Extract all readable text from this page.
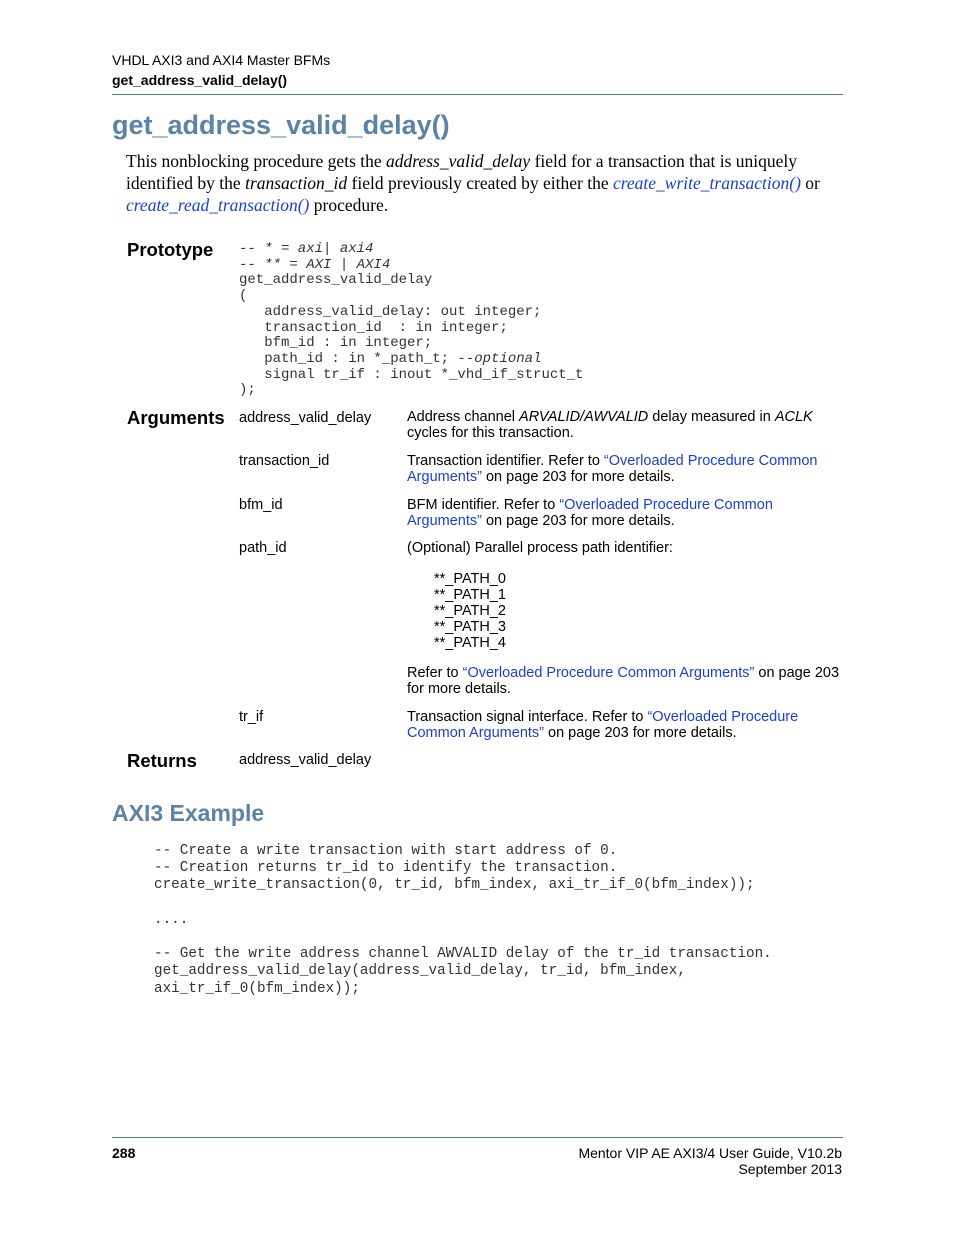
VHDL AXI3 and AXI4 Master BFMs
get_address_valid_delay()
get_address_valid_delay()
This nonblocking procedure gets the address_valid_delay field for a transaction that is uniquely identified by the transaction_id field previously created by either the create_write_transaction() or create_read_transaction() procedure.
Prototype -- * = axi| axi4
-- ** = AXI | AXI4
get_address_valid_delay
(
address_valid_delay: out integer;
transaction_id  : in integer;
bfm_id : in integer;
path_id : in *_path_t; --optional
signal tr_if : inout *_vhd_if_struct_t
);
Arguments address_valid_delay Address channel ARVALID/AWVALID delay measured in ACLK cycles for this transaction.
transaction_id	Transaction identifier. Refer to “Overloaded Procedure Common Arguments” on page 203 for more details.
bfm_id	BFM identifier. Refer to “Overloaded Procedure Common Arguments” on page 203 for more details.
path_id	(Optional) Parallel process path identifier:
**_PATH_0
**_PATH_1
**_PATH_2
**_PATH_3
**_PATH_4
Refer to “Overloaded Procedure Common Arguments” on page 203 for more details.
tr_if	Transaction signal interface. Refer to “Overloaded Procedure Common Arguments” on page 203 for more details.
Returns	address_valid_delay
AXI3 Example
-- Create a write transaction with start address of 0.
-- Creation returns tr_id to identify the transaction.
create_write_transaction(0, tr_id, bfm_index, axi_tr_if_0(bfm_index));

....

-- Get the write address channel AWVALID delay of the tr_id transaction.
get_address_valid_delay(address_valid_delay, tr_id, bfm_index,
axi_tr_if_0(bfm_index));
288	Mentor VIP AE AXI3/4 User Guide, V10.2b
September 2013
